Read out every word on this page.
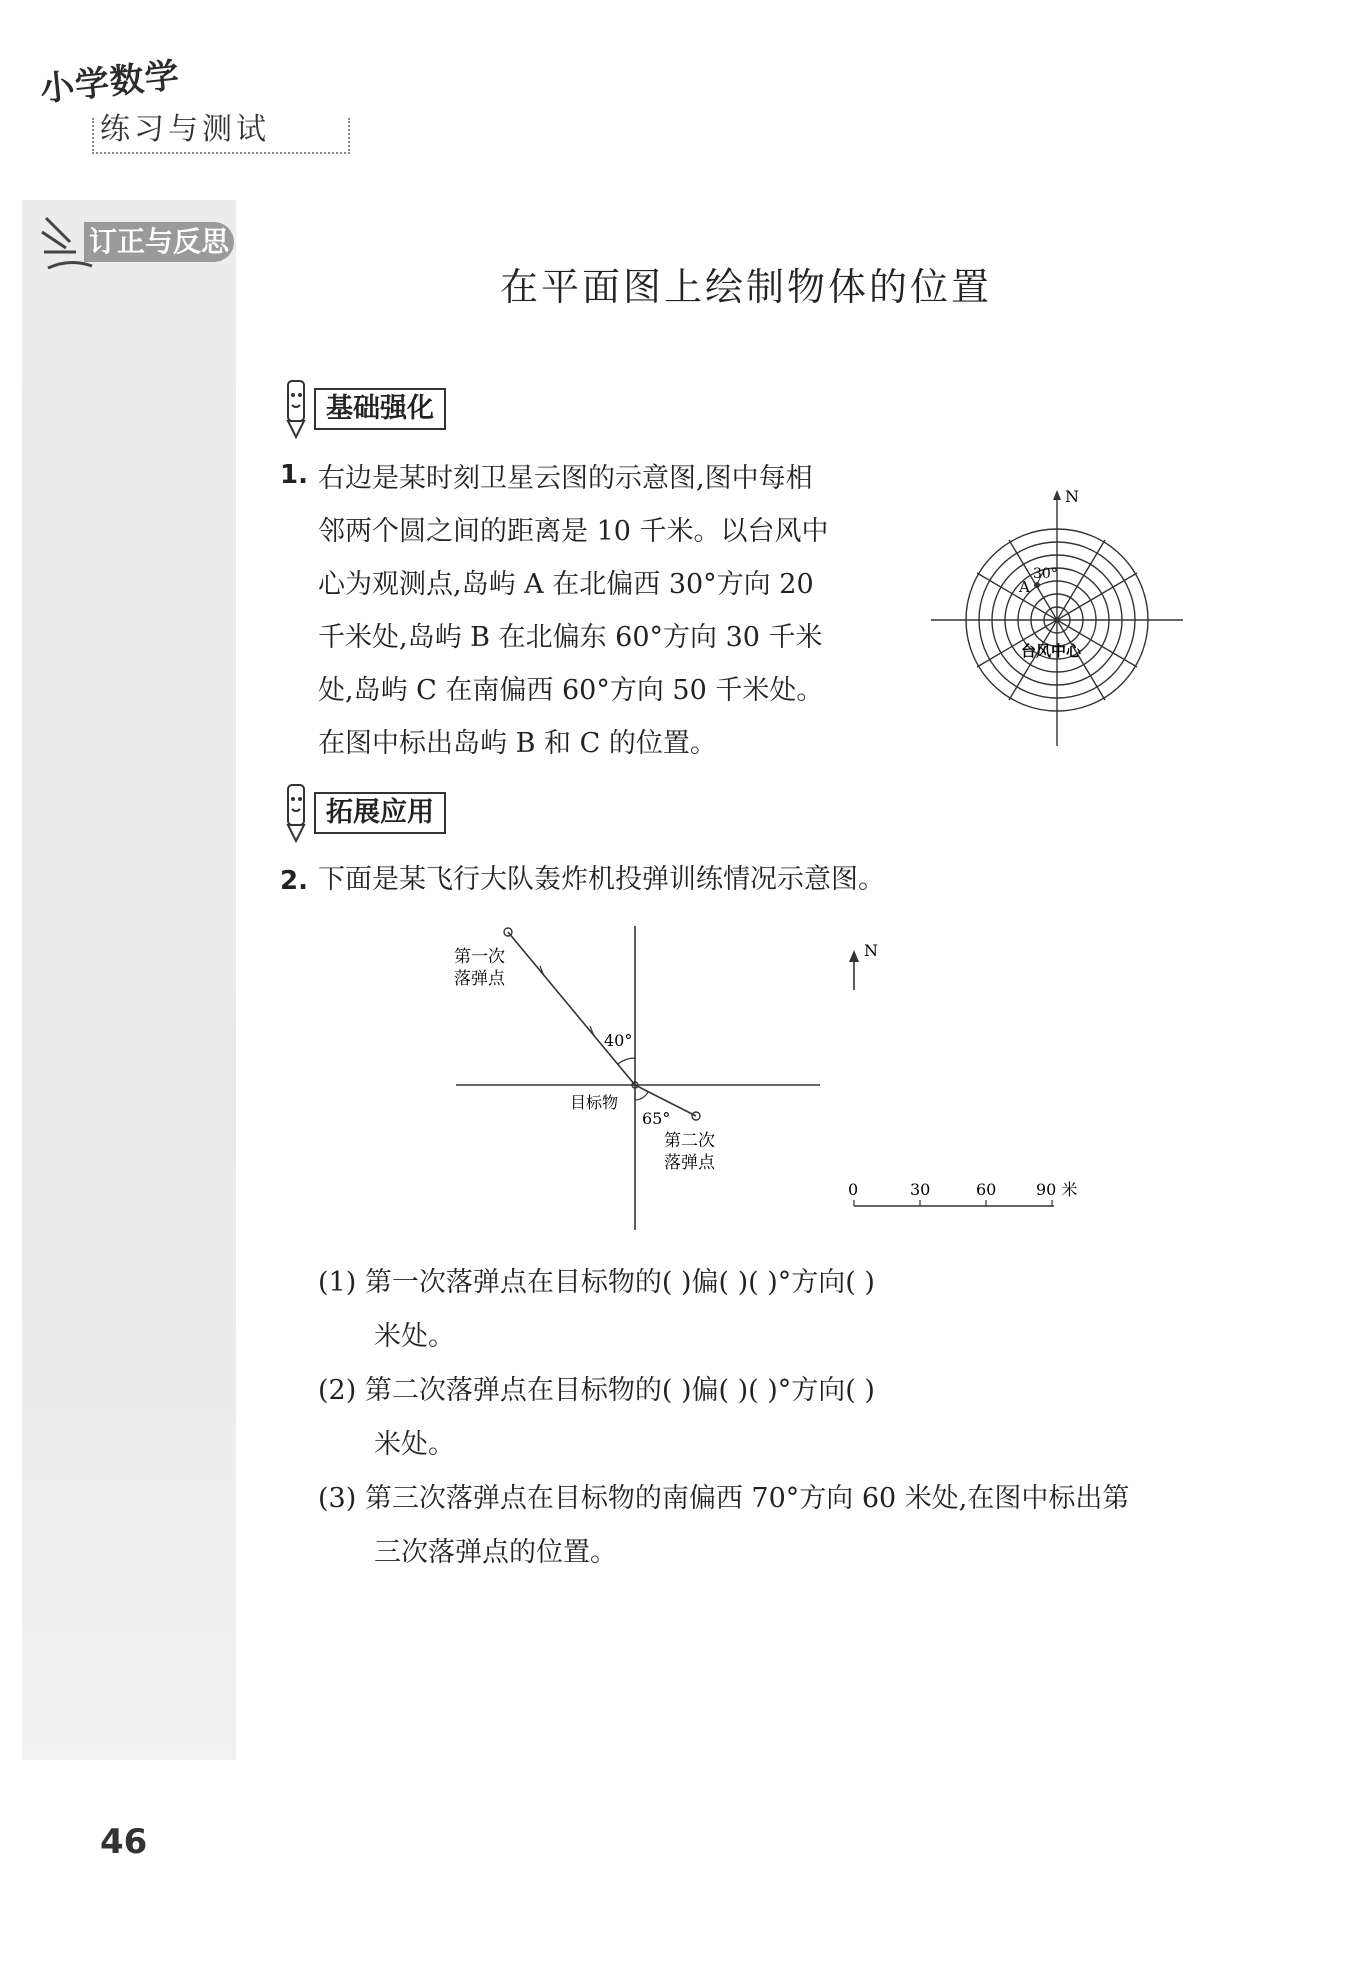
小学数学
练习与测试
订正与反思
在平面图上绘制物体的位置
基础强化
1. 右边是某时刻卫星云图的示意图,图中每相

邻两个圆之间的距离是 10 千米。以台风中

心为观测点,岛屿 A 在北偏西 30°方向 20

千米处,岛屿 B 在北偏东 60°方向 30 千米

处,岛屿 C 在南偏西 60°方向 50 千米处。

在图中标出岛屿 B 和 C 的位置。

N
A
30°
台风中心
拓展应用
2. 下面是某飞行大队轰炸机投弹训练情况示意图。
第一次
落弹点
40°
目标物
65°
第二次
落弹点
N
0	30	60 90 米

(1) 第一次落弹点在目标物的( )偏( )( )°方向( )

米处。

(2) 第二次落弹点在目标物的( )偏( )( )°方向( )

米处。

(3) 第三次落弹点在目标物的南偏西 70°方向 60 米处,在图中标出第

三次落弹点的位置。

46
